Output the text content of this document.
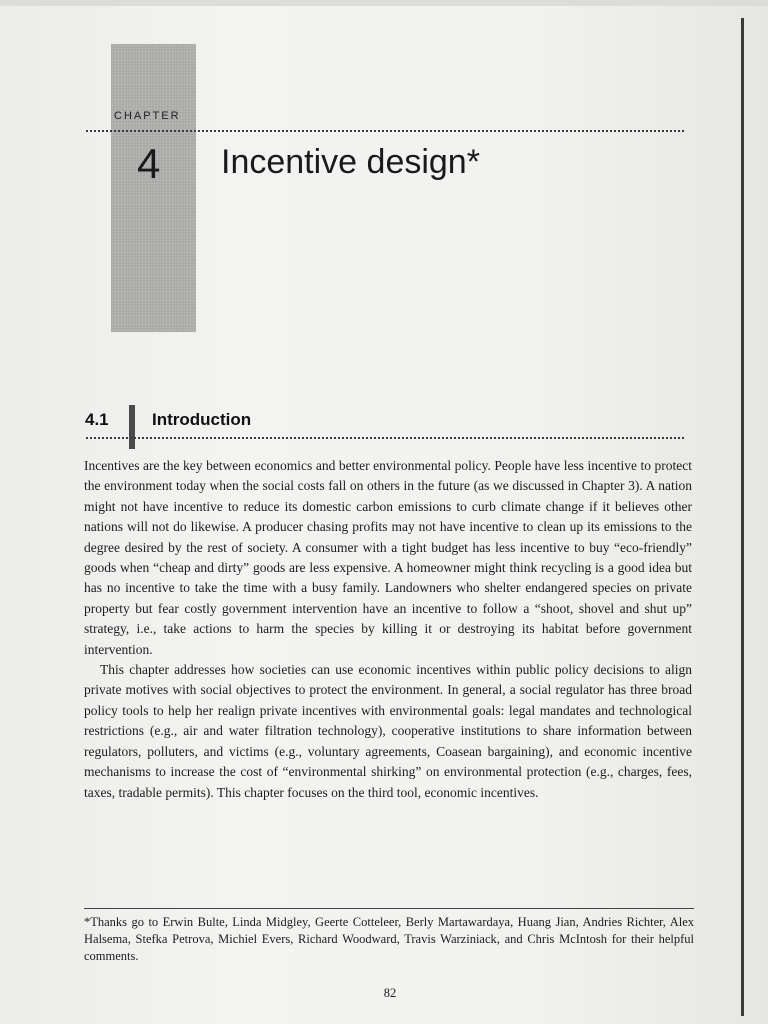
CHAPTER
4 Incentive design*
4.1	Introduction

Incentives are the key between economics and better environmental policy. People have less incentive to protect the environment today when the social costs fall on others in the future (as we discussed in Chapter 3). A nation might not have incentive to reduce its domestic carbon emissions to curb climate change if it believes other nations will not do likewise. A producer chasing profits may not have incentive to clean up its emissions to the degree desired by the rest of society. A consumer with a tight budget has less incentive to buy “eco-friendly” goods when “cheap and dirty” goods are less expensive. A homeowner might think recycling is a good idea but has no incentive to take the time with a busy family. Landowners who shelter endangered species on private property but fear costly government intervention have an incentive to follow a “shoot, shovel and shut up” strategy, i.e., take actions to harm the species by killing it or destroying its habitat before government intervention.

This chapter addresses how societies can use economic incentives within public policy decisions to align private motives with social objectives to protect the environment. In general, a social regulator has three broad policy tools to help her realign private incentives with environmental goals: legal mandates and technological restrictions (e.g., air and water filtration technology), cooperative institutions to share information between regulators, polluters, and victims (e.g., voluntary agreements, Coasean bargaining), and economic incentive mechanisms to increase the cost of “environmental shirking” on environmental protection (e.g., charges, fees, taxes, tradable permits). This chapter focuses on the third tool, economic incentives.

*Thanks go to Erwin Bulte, Linda Midgley, Geerte Cotteleer, Berly Martawardaya, Huang Jian, Andries Richter, Alex Halsema, Stefka Petrova, Michiel Evers, Richard Woodward, Travis Warziniack, and Chris McIntosh for their helpful comments.
82
